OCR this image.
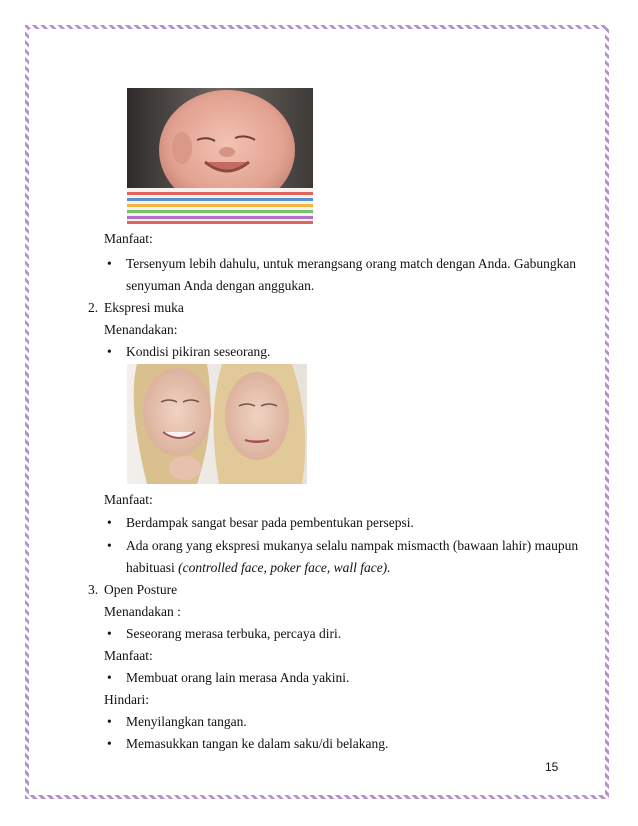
Manfaat:
• Tersenyum lebih dahulu, untuk merangsang orang match dengan Anda. Gabungkan
senyuman Anda dengan anggukan.
2. Ekspresi muka
Menandakan:
• Kondisi pikiran seseorang.
Manfaat:
• Berdampak sangat besar pada pembentukan persepsi.
• Ada orang yang ekspresi mukanya selalu nampak mismacth (bawaan lahir) maupun
habituasi (controlled face, poker face, wall face).
3. Open Posture
Menandakan :
• Seseorang merasa terbuka, percaya diri.
Manfaat:
• Membuat orang lain merasa Anda yakini.
Hindari:
• Menyilangkan tangan.
• Memasukkan tangan ke dalam saku/di belakang.
15
